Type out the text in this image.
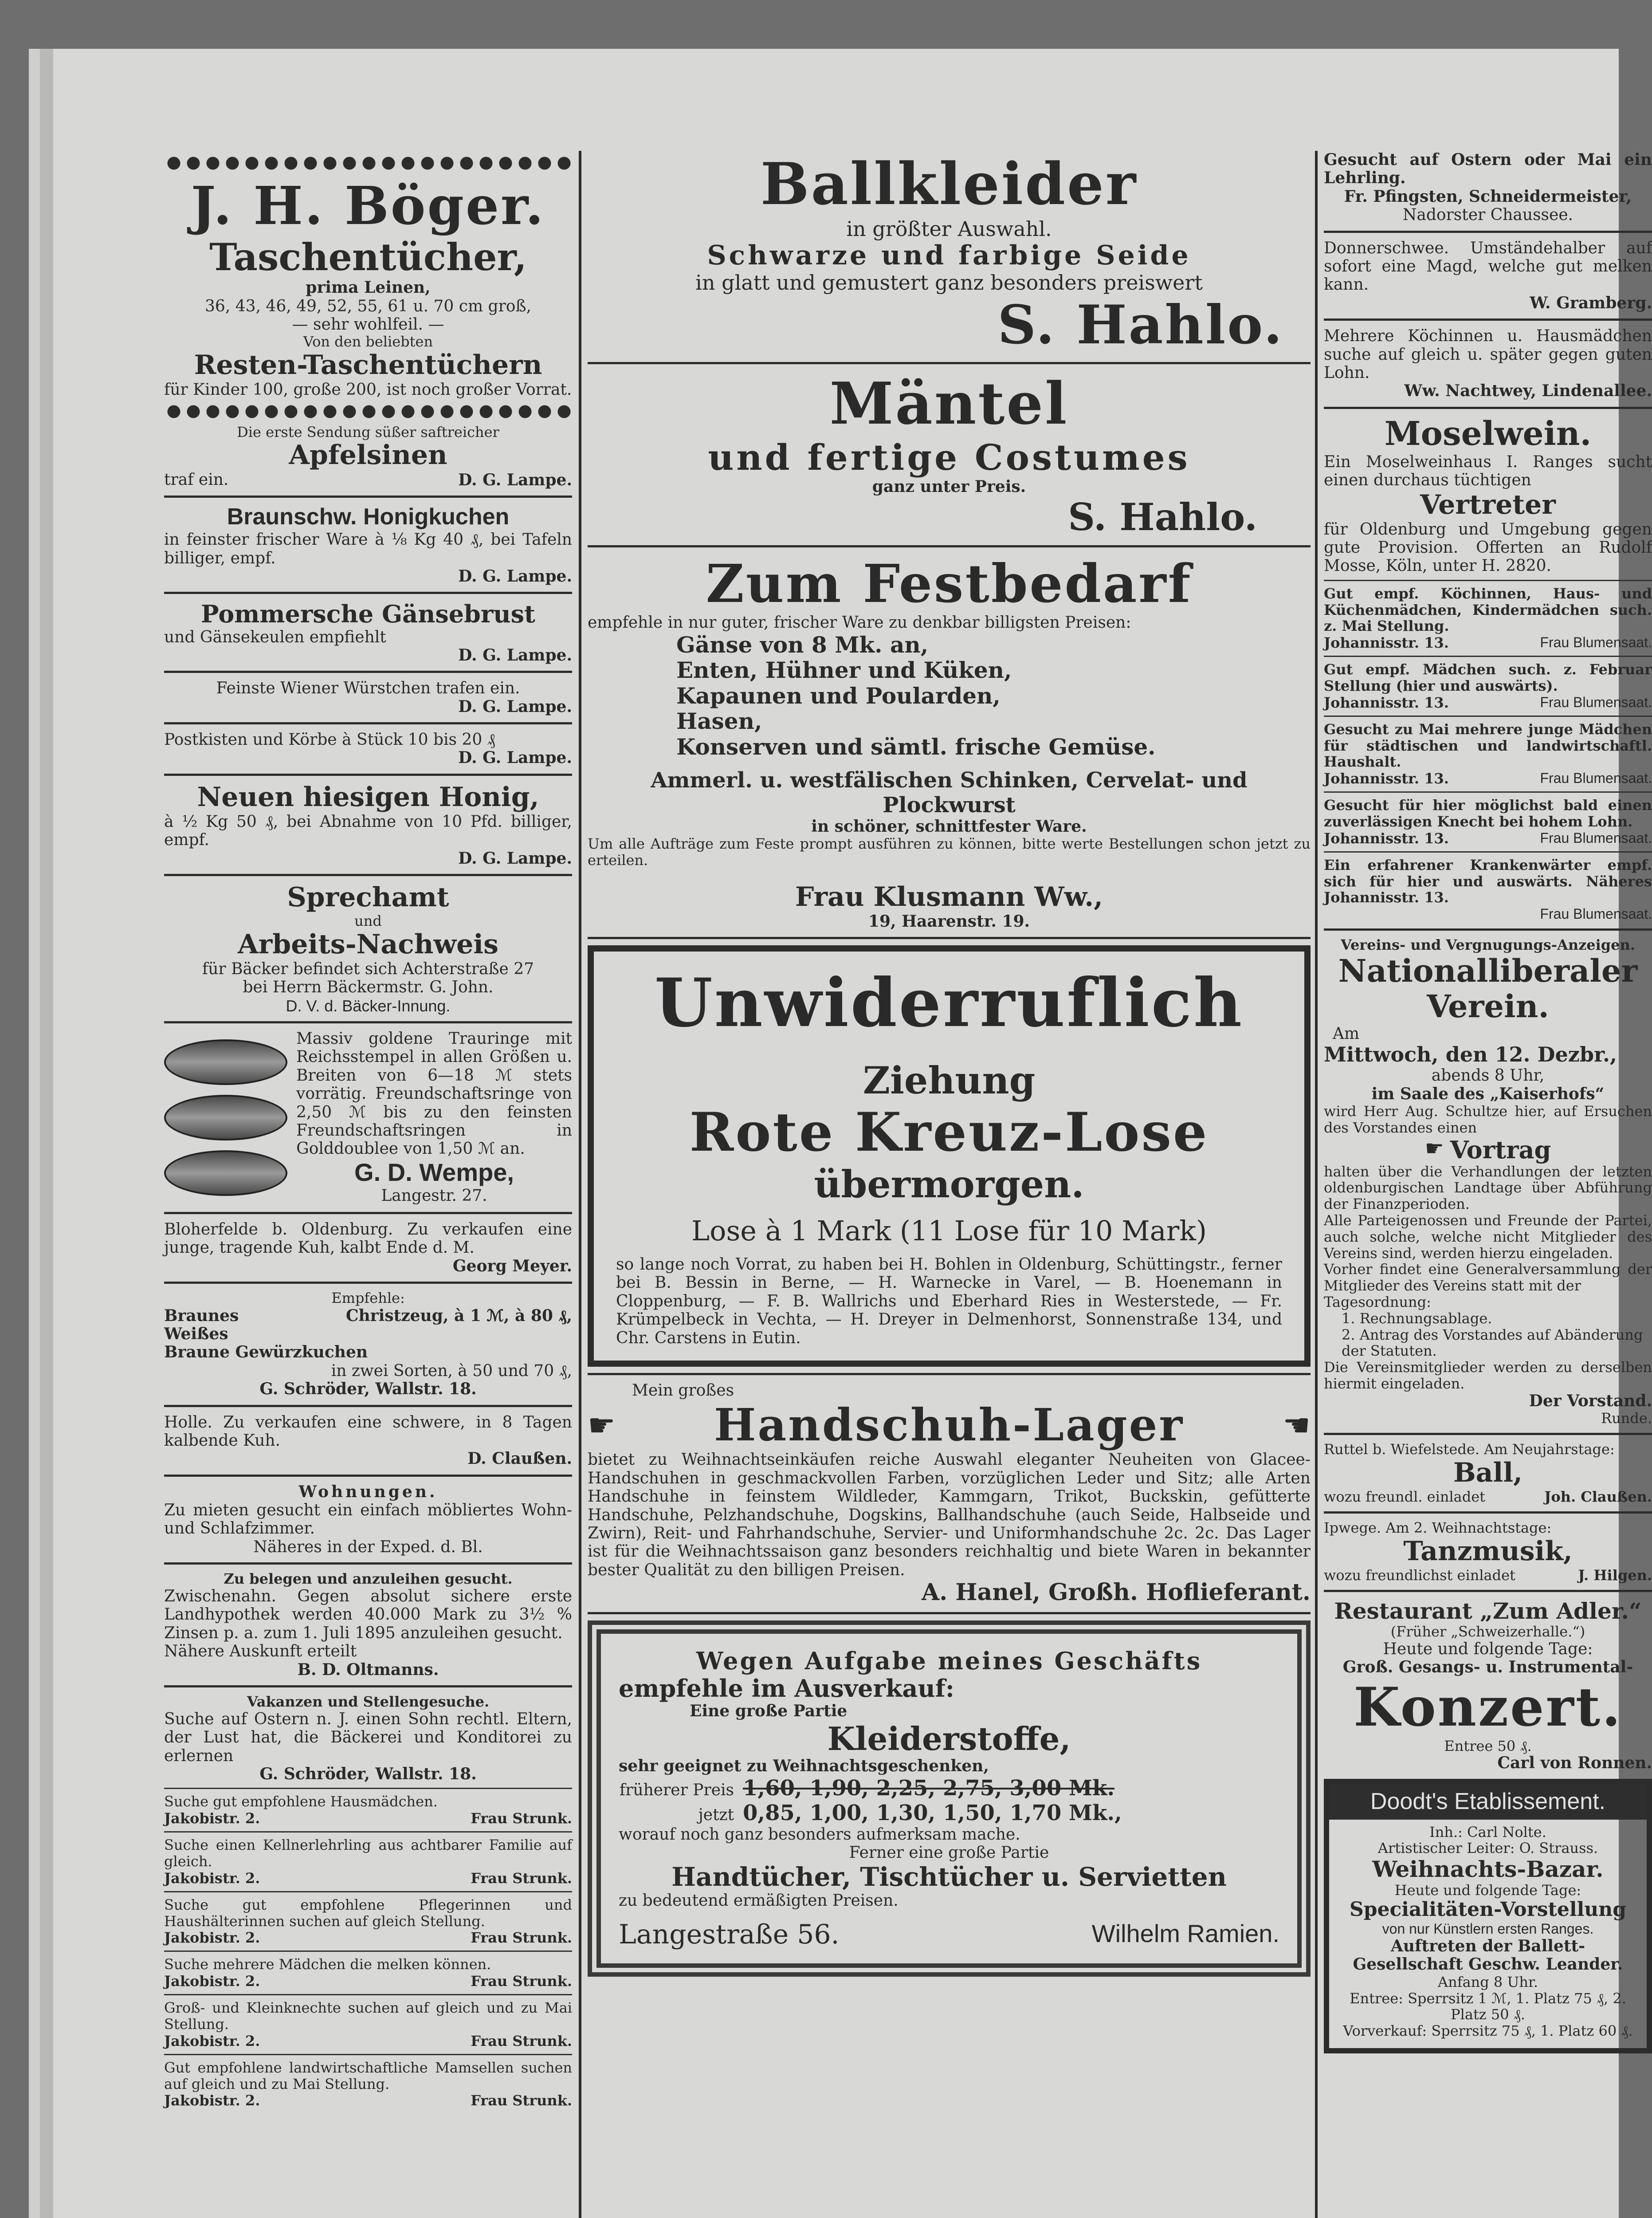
J. H. Böger.

Taschentücher,

prima Leinen,

36, 43, 46, 49, 52, 55, 61 u. 70 cm groß,

— sehr wohlfeil. —

Von den beliebten

Resten-Taschentüchern

für Kinder 100, große 200, ist noch großer Vorrat.

Die erste Sendung süßer saftreicher

Apfelsinen

traf ein.	D. G. Lampe.

Braunschw. Honigkuchen

in feinster frischer Ware à ⅛ Kg 40 ₰, bei Tafeln billiger, empf.

D. G. Lampe.

Pommersche Gänsebrust

und Gänsekeulen empfiehlt

D. G. Lampe.

Feinste Wiener Würstchen trafen ein.

D. G. Lampe.

Postkisten und Körbe à Stück 10 bis 20 ₰

D. G. Lampe.

Neuen hiesigen Honig,

à ½ Kg 50 ₰, bei Abnahme von 10 Pfd. billiger, empf.

D. G. Lampe.

Sprechamt

und

Arbeits-Nachweis

für Bäcker befindet sich Achterstraße 27

bei Herrn Bäckermstr. G. John.

D. V. d. Bäcker-Innung.

Massiv goldene Trauringe mit Reichsstempel in allen Größen u. Breiten von 6—18 ℳ stets vorrätig. Freundschaftsringe von 2,50 ℳ bis zu den feinsten Freundschaftsringen in Golddoublee von 1,50 ℳ an.

G. D. Wempe,

Langestr. 27.

Bloherfelde b. Oldenburg. Zu verkaufen eine junge, tragende Kuh, kalbt Ende d. M.

Georg Meyer.

Empfehle:

Braunes	Christzeug, à 1 ℳ, à 80 ₰,

Weißes

Braune Gewürzkuchen

in zwei Sorten, à 50 und 70 ₰,

G. Schröder, Wallstr. 18.

Holle. Zu verkaufen eine schwere, in 8 Tagen kalbende Kuh.

D. Claußen.

Wohnungen.

Zu mieten gesucht ein einfach möbliertes Wohn- und Schlafzimmer.

Näheres in der Exped. d. Bl.

Zu belegen und anzuleihen gesucht.

Zwischenahn. Gegen absolut sichere erste Landhypothek werden 40.000 Mark zu 3½ % Zinsen p. a. zum 1. Juli 1895 anzuleihen gesucht.

Nähere Auskunft erteilt

B. D. Oltmanns.

Vakanzen und Stellengesuche.

Suche auf Ostern n. J. einen Sohn rechtl. Eltern, der Lust hat, die Bäckerei und Konditorei zu erlernen

G. Schröder, Wallstr. 18.

Suche gut empfohlene Hausmädchen.

Jakobistr. 2.	Frau Strunk.

Suche einen Kellnerlehrling aus achtbarer Familie auf gleich.

Jakobistr. 2.	Frau Strunk.

Suche gut empfohlene Pflegerinnen und Haushälterinnen suchen auf gleich Stellung.

Jakobistr. 2.	Frau Strunk.

Suche mehrere Mädchen die melken können.

Jakobistr. 2.	Frau Strunk.

Groß- und Kleinknechte suchen auf gleich und zu Mai Stellung.

Jakobistr. 2.	Frau Strunk.

Gut empfohlene landwirtschaftliche Mamsellen suchen auf gleich und zu Mai Stellung.

Jakobistr. 2.	Frau Strunk.

Ballkleider

in größter Auswahl.

Schwarze und farbige Seide

in glatt und gemustert ganz besonders preiswert

S. Hahlo.

Mäntel

und fertige Costumes

ganz unter Preis.

S. Hahlo.

Zum Festbedarf

empfehle in nur guter, frischer Ware zu denkbar billigsten Preisen:

Gänse von 8 Mk. an,

Enten, Hühner und Küken,

Kapaunen und Poularden,

Hasen,

Konserven und sämtl. frische Gemüse.

Ammerl. u. westfälischen Schinken, Cervelat- und Plockwurst

in schöner, schnittfester Ware.

Um alle Aufträge zum Feste prompt ausführen zu können, bitte werte Bestellungen schon jetzt zu erteilen.

Frau Klusmann Ww.,

19, Haarenstr. 19.

Unwiderruflich

Ziehung

Rote Kreuz-Lose

übermorgen.

Lose à 1 Mark (11 Lose für 10 Mark)

so lange noch Vorrat, zu haben bei H. Bohlen in Oldenburg, Schüttingstr., ferner bei B. Bessin in Berne, — H. Warnecke in Varel, — B. Hoenemann in Cloppenburg, — F. B. Wallrichs und Eberhard Ries in Westerstede, — Fr. Krümpelbeck in Vechta, — H. Dreyer in Delmenhorst, Sonnenstraße 134, und Chr. Carstens in Eutin.

Mein großes

☛ Handschuh-Lager	☚

bietet zu Weihnachtseinkäufen reiche Auswahl eleganter Neuheiten von Glacee-Handschuhen in geschmackvollen Farben, vorzüglichen Leder und Sitz; alle Arten Handschuhe in feinstem Wildleder, Kammgarn, Trikot, Buckskin, gefütterte Handschuhe, Pelzhandschuhe, Dogskins, Ballhandschuhe (auch Seide, Halbseide und Zwirn), Reit- und Fahrhandschuhe, Servier- und Uniformhandschuhe 2c. 2c. Das Lager ist für die Weihnachtssaison ganz besonders reichhaltig und biete Waren in bekannter bester Qualität zu den billigen Preisen.

A. Hanel, Großh. Hoflieferant.

Wegen Aufgabe meines Geschäfts

empfehle im Ausverkauf:

Eine große Partie

Kleiderstoffe,

sehr geeignet zu Weihnachtsgeschenken,

früherer Preis 1,60, 1,90, 2,25, 2,75, 3,00 Mk.
jetzt 0,85, 1,00, 1,30, 1,50, 1,70 Mk.,

worauf noch ganz besonders aufmerksam mache.

Ferner eine große Partie

Handtücher, Tischtücher u. Servietten

zu bedeutend ermäßigten Preisen.

Langestraße 56.	Wilhelm Ramien.

Gesucht auf Ostern oder Mai ein Lehrling.

Fr. Pfingsten, Schneidermeister,

Nadorster Chaussee.

Donnerschwee. Umständehalber auf sofort eine Magd, welche gut melken kann.

W. Gramberg.

Mehrere Köchinnen u. Hausmädchen suche auf gleich u. später gegen guten Lohn.

Ww. Nachtwey, Lindenallee.

Moselwein.

Ein Moselweinhaus I. Ranges sucht einen durchaus tüchtigen

Vertreter

für Oldenburg und Umgebung gegen gute Provision. Offerten an Rudolf Mosse, Köln, unter H. 2820.

Gut empf. Köchinnen, Haus- und Küchenmädchen, Kindermädchen such. z. Mai Stellung.

Johannisstr. 13.	Frau Blumensaat.

Gut empf. Mädchen such. z. Februar Stellung (hier und auswärts).

Johannisstr. 13.	Frau Blumensaat.

Gesucht zu Mai mehrere junge Mädchen für städtischen und landwirtschaftl. Haushalt.

Johannisstr. 13.	Frau Blumensaat.

Gesucht für hier möglichst bald einen zuverlässigen Knecht bei hohem Lohn.

Johannisstr. 13.	Frau Blumensaat.

Ein erfahrener Krankenwärter empf. sich für hier und auswärts. Näheres Johannisstr. 13.

Frau Blumensaat.

Vereins- und Vergnugungs-Anzeigen.

Nationalliberaler Verein.

Am

Mittwoch, den 12. Dezbr.,

abends 8 Uhr,

im Saale des „Kaiserhofs“

wird Herr Aug. Schultze hier, auf Ersuchen des Vorstandes einen

☛ Vortrag

halten über die Verhandlungen der letzten oldenburgischen Landtage über Abführung der Finanzperioden.

Alle Parteigenossen und Freunde der Partei, auch solche, welche nicht Mitglieder des Vereins sind, werden hierzu eingeladen.

Vorher findet eine Generalversammlung der Mitglieder des Vereins statt mit der

Tagesordnung:

1. Rechnungsablage.

2. Antrag des Vorstandes auf Abänderung der Statuten.

Die Vereinsmitglieder werden zu derselben hiermit eingeladen.

Der Vorstand.

Runde.

Ruttel b. Wiefelstede. Am Neujahrstage:

Ball,

wozu freundl. einladet	Joh. Claußen.

Ipwege. Am 2. Weihnachtstage:

Tanzmusik,

wozu freundlichst einladet	J. Hilgen.

Restaurant „Zum Adler.“

(Früher „Schweizerhalle.“)

Heute und folgende Tage:

Groß. Gesangs- u. Instrumental-

Konzert.

Entree 50 ₰.

Carl von Ronnen.

Doodt's Etablissement.

Inh.: Carl Nolte.

Artistischer Leiter: O. Strauss.

Weihnachts-Bazar.

Heute und folgende Tage:

Specialitäten-Vorstellung

von nur Künstlern ersten Ranges.

Auftreten der Ballett-Gesellschaft Geschw. Leander.

Anfang 8 Uhr.

Entree: Sperrsitz 1 ℳ, 1. Platz 75 ₰, 2. Platz 50 ₰.

Vorverkauf: Sperrsitz 75 ₰, 1. Platz 60 ₰.
